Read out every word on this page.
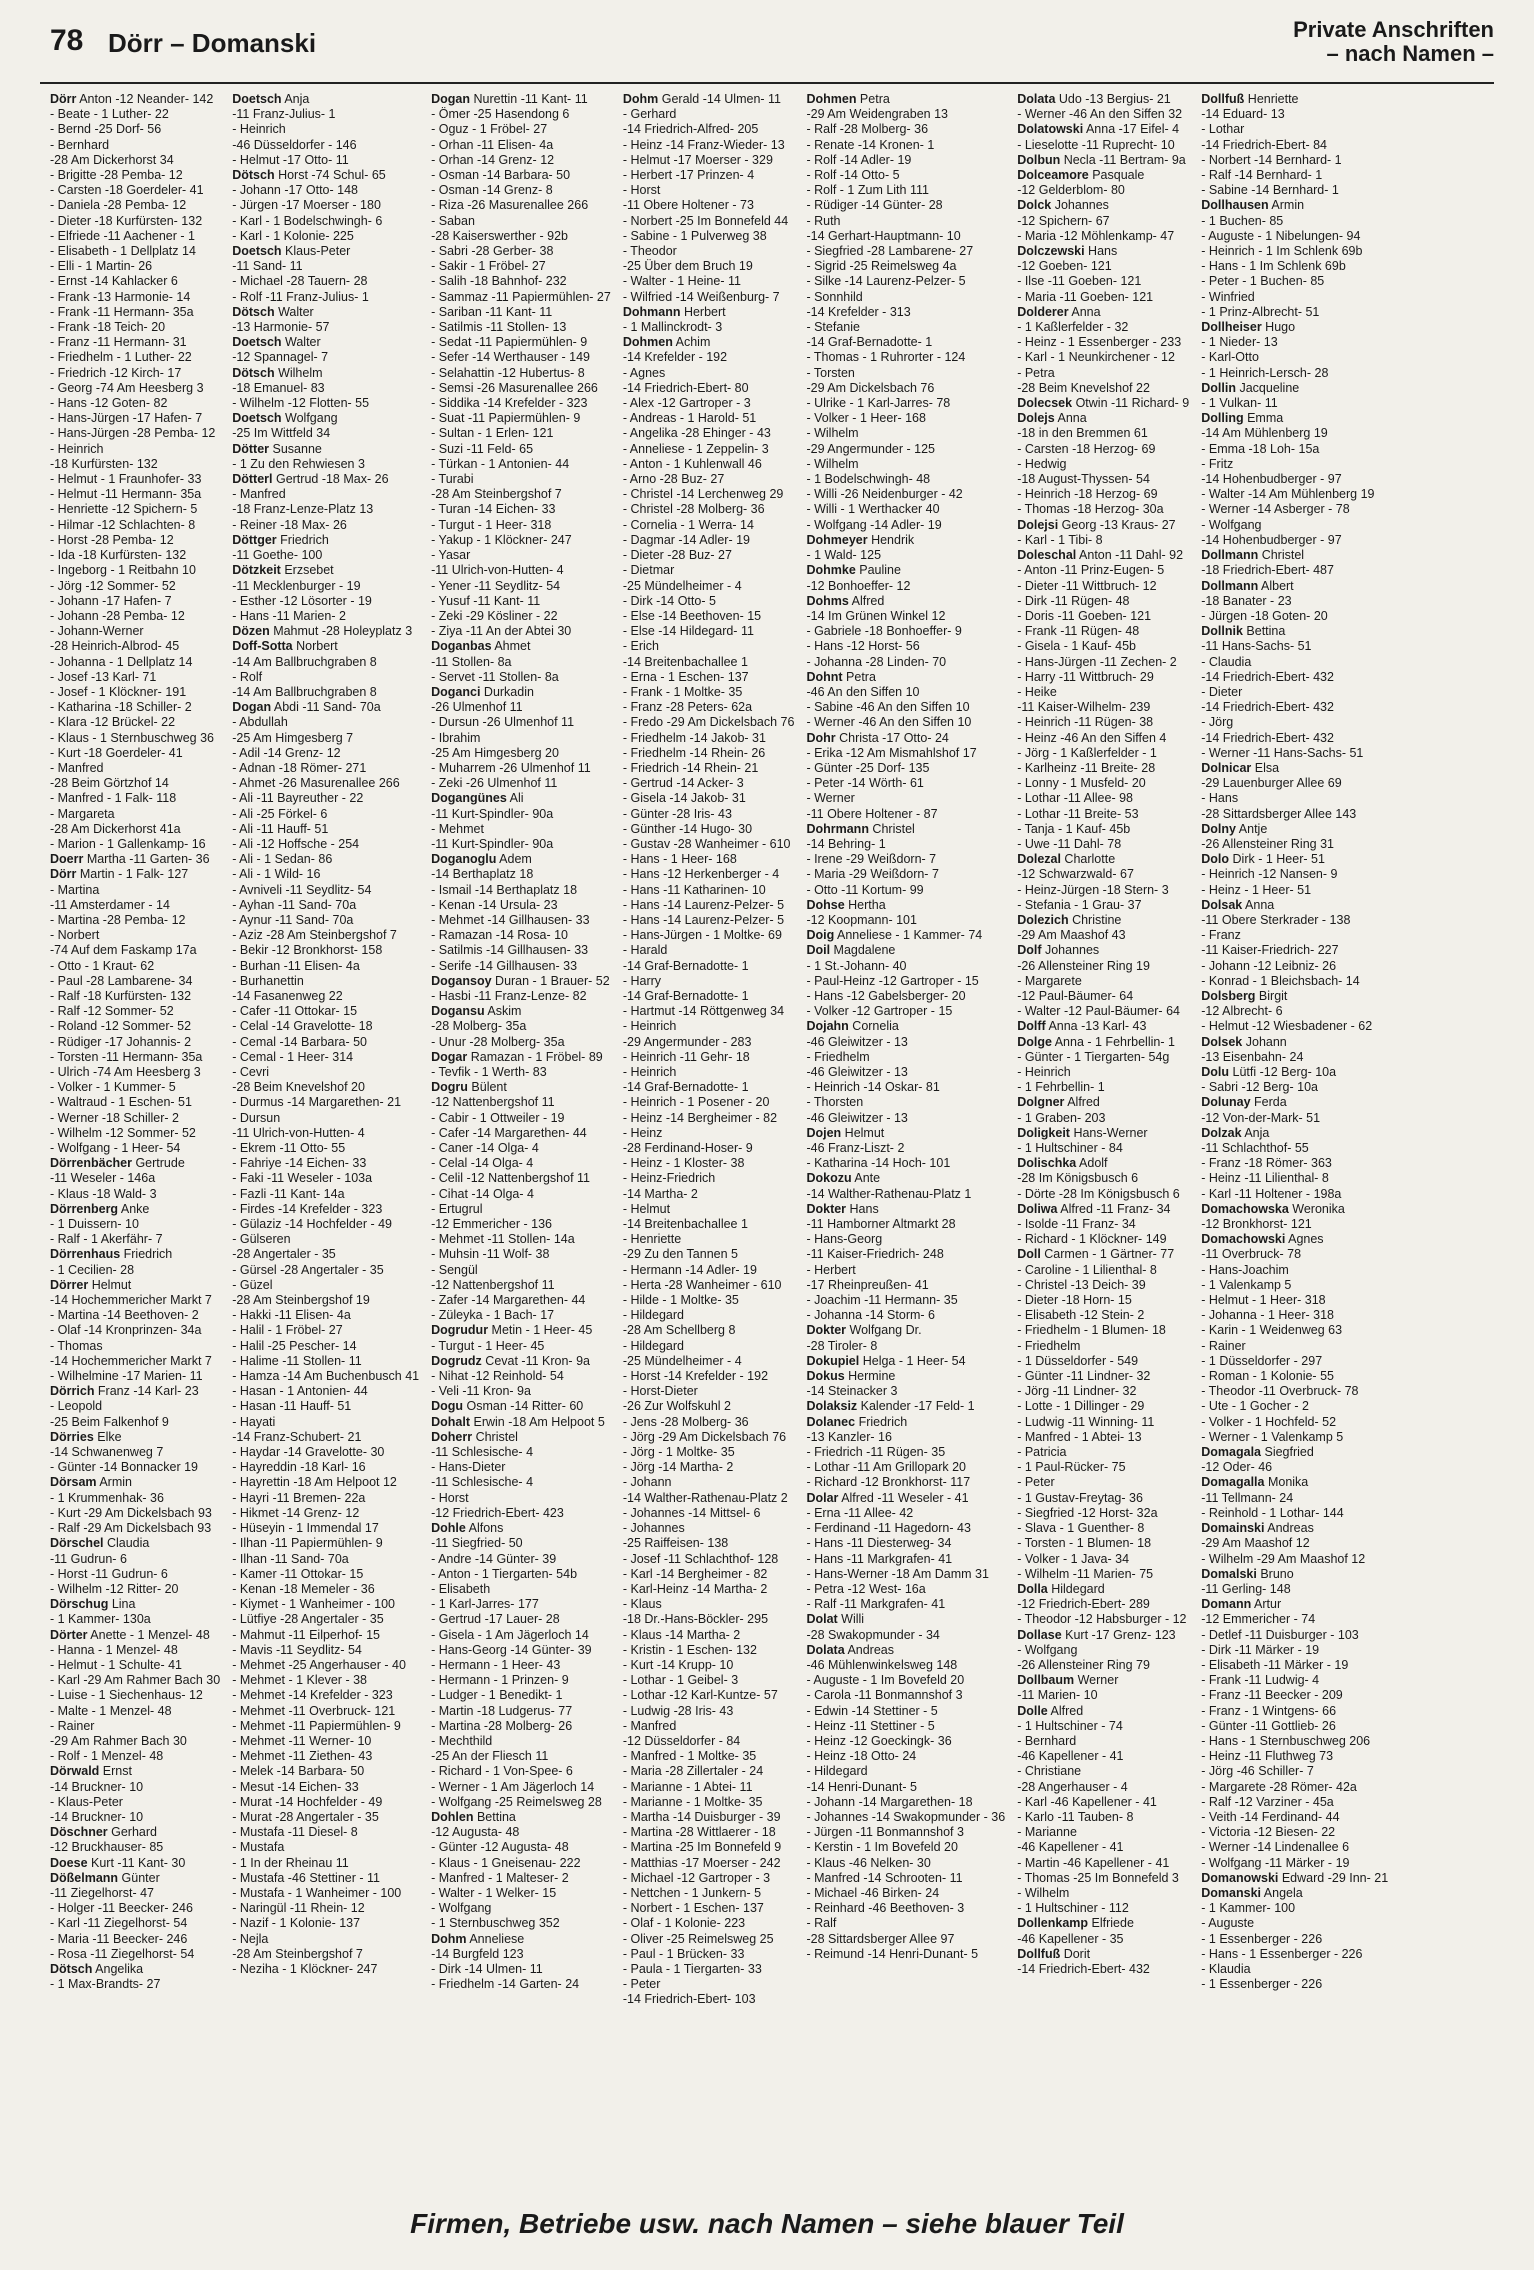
78 Dörr – Domanski	Private Anschriften
– nach Namen –
Dörr Anton -12 Neander- 142
- Beate - 1 Luther- 22
- Bernd -25 Dorf- 56
- Bernhard
-28 Am Dickerhorst 34
- Brigitte -28 Pemba- 12
- Carsten -18 Goerdeler- 41
- Daniela -28 Pemba- 12
- Dieter -18 Kurfürsten- 132
- Elfriede -11 Aachener - 1
- Elisabeth - 1 Dellplatz 14
- Elli - 1 Martin- 26
- Ernst -14 Kahlacker 6
- Frank -13 Harmonie- 14
- Frank -11 Hermann- 35a
- Frank -18 Teich- 20
- Franz -11 Hermann- 31
- Friedhelm - 1 Luther- 22
- Friedrich -12 Kirch- 17
- Georg -74 Am Heesberg 3
- Hans -12 Goten- 82
- Hans-Jürgen -17 Hafen- 7
- Hans-Jürgen -28 Pemba- 12
- Heinrich
-18 Kurfürsten- 132
- Helmut - 1 Fraunhofer- 33
- Helmut -11 Hermann- 35a
- Henriette -12 Spichern- 5
- Hilmar -12 Schlachten- 8
- Horst -28 Pemba- 12
- Ida -18 Kurfürsten- 132
- Ingeborg - 1 Reitbahn 10
- Jörg -12 Sommer- 52
- Johann -17 Hafen- 7
- Johann -28 Pemba- 12
- Johann-Werner
-28 Heinrich-Albrod- 45
- Johanna - 1 Dellplatz 14
- Josef -13 Karl- 71
- Josef - 1 Klöckner- 191
- Katharina -18 Schiller- 2
- Klara -12 Brückel- 22
- Klaus - 1 Sternbuschweg 36
- Kurt -18 Goerdeler- 41
- Manfred
-28 Beim Görtzhof 14
- Manfred - 1 Falk- 118
- Margareta
-28 Am Dickerhorst 41a
- Marion - 1 Gallenkamp- 16
Doerr Martha -11 Garten- 36
Dörr Martin - 1 Falk- 127
- Martina
-11 Amsterdamer - 14
- Martina -28 Pemba- 12
- Norbert
-74 Auf dem Faskamp 17a
- Otto - 1 Kraut- 62
- Paul -28 Lambarene- 34
- Ralf -18 Kurfürsten- 132
- Ralf -12 Sommer- 52
- Roland -12 Sommer- 52
- Rüdiger -17 Johannis- 2
- Torsten -11 Hermann- 35a
- Ulrich -74 Am Heesberg 3
- Volker - 1 Kummer- 5
- Waltraud - 1 Eschen- 51
- Werner -18 Schiller- 2
- Wilhelm -12 Sommer- 52
- Wolfgang - 1 Heer- 54
Dörrenbächer Gertrude
-11 Weseler - 146a
- Klaus -18 Wald- 3
Dörrenberg Anke
- 1 Duissern- 10
- Ralf - 1 Akerfähr- 7
Dörrenhaus Friedrich
- 1 Cecilien- 28
Dörrer Helmut
-14 Hochemmericher Markt 7
- Martina -14 Beethoven- 2
- Olaf -14 Kronprinzen- 34a
- Thomas
-14 Hochemmericher Markt 7
- Wilhelmine -17 Marien- 11
Dörrich Franz -14 Karl- 23
- Leopold
-25 Beim Falkenhof 9
Dörries Elke
-14 Schwanenweg 7
- Günter -14 Bonnacker 19
Dörsam Armin
- 1 Krummenhak- 36
- Kurt -29 Am Dickelsbach 93
- Ralf -29 Am Dickelsbach 93
Dörschel Claudia
-11 Gudrun- 6
- Horst -11 Gudrun- 6
- Wilhelm -12 Ritter- 20
Dörschug Lina
- 1 Kammer- 130a
Dörter Anette - 1 Menzel- 48
- Hanna - 1 Menzel- 48
- Helmut - 1 Schulte- 41
- Karl -29 Am Rahmer Bach 30
- Luise - 1 Siechenhaus- 12
- Malte - 1 Menzel- 48
- Rainer
-29 Am Rahmer Bach 30
- Rolf - 1 Menzel- 48
Dörwald Ernst
-14 Bruckner- 10
- Klaus-Peter
-14 Bruckner- 10
Döschner Gerhard
-12 Bruckhauser- 85
Doese Kurt -11 Kant- 30
Dößelmann Günter
-11 Ziegelhorst- 47
- Holger -11 Beecker- 246
- Karl -11 Ziegelhorst- 54
- Maria -11 Beecker- 246
- Rosa -11 Ziegelhorst- 54
Dötsch Angelika
- 1 Max-Brandts- 27
Doetsch Anja
-11 Franz-Julius- 1
- Heinrich
-46 Düsseldorfer - 146
- Helmut -17 Otto- 11
Dötsch Horst -74 Schul- 65
- Johann -17 Otto- 148
- Jürgen -17 Moerser - 180
- Karl - 1 Bodelschwingh- 6
- Karl - 1 Kolonie- 225
Doetsch Klaus-Peter
-11 Sand- 11
- Michael -28 Tauern- 28
- Rolf -11 Franz-Julius- 1
Dötsch Walter
-13 Harmonie- 57
Doetsch Walter
-12 Spannagel- 7
Dötsch Wilhelm
-18 Emanuel- 83
- Wilhelm -12 Flotten- 55
Doetsch Wolfgang
-25 Im Wittfeld 34
Dötter Susanne
- 1 Zu den Rehwiesen 3
Dötterl Gertrud -18 Max- 26
- Manfred
-18 Franz-Lenze-Platz 13
- Reiner -18 Max- 26
Döttger Friedrich
-11 Goethe- 100
Dötzkeit Erzsebet
-11 Mecklenburger - 19
- Esther -12 Lösorter - 19
- Hans -11 Marien- 2
Dözen Mahmut -28 Holeyplatz 3
Doff-Sotta Norbert
-14 Am Ballbruchgraben 8
- Rolf
-14 Am Ballbruchgraben 8
Dogan Abdi -11 Sand- 70a
- Abdullah
-25 Am Himgesberg 7
- Adil -14 Grenz- 12
- Adnan -18 Römer- 271
- Ahmet -26 Masurenallee 266
- Ali -11 Bayreuther - 22
- Ali -25 Förkel- 6
- Ali -11 Hauff- 51
- Ali -12 Hoffsche - 254
- Ali - 1 Sedan- 86
- Ali - 1 Wild- 16
- Avniveli -11 Seydlitz- 54
- Ayhan -11 Sand- 70a
- Aynur -11 Sand- 70a
- Aziz -28 Am Steinbergshof 7
- Bekir -12 Bronkhorst- 158
- Burhan -11 Elisen- 4a
- Burhanettin
-14 Fasanenweg 22
- Cafer -11 Ottokar- 15
- Celal -14 Gravelotte- 18
- Cemal -14 Barbara- 50
- Cemal - 1 Heer- 314
- Cevri
-28 Beim Knevelshof 20
- Durmus -14 Margarethen- 21
- Dursun
-11 Ulrich-von-Hutten- 4
- Ekrem -11 Otto- 55
- Fahriye -14 Eichen- 33
- Faki -11 Weseler - 103a
- Fazli -11 Kant- 14a
- Firdes -14 Krefelder - 323
- Gülaziz -14 Hochfelder - 49
- Gülseren
-28 Angertaler - 35
- Gürsel -28 Angertaler - 35
- Güzel
-28 Am Steinbergshof 19
- Hakki -11 Elisen- 4a
- Halil - 1 Fröbel- 27
- Halil -25 Pescher- 14
- Halime -11 Stollen- 11
- Hamza -14 Am Buchenbusch 41
- Hasan - 1 Antonien- 44
- Hasan -11 Hauff- 51
- Hayati
-14 Franz-Schubert- 21
- Haydar -14 Gravelotte- 30
- Hayreddin -18 Karl- 16
- Hayrettin -18 Am Helpoot 12
- Hayri -11 Bremen- 22a
- Hikmet -14 Grenz- 12
- Hüseyin - 1 Immendal 17
- Ilhan -11 Papiermühlen- 9
- Ilhan -11 Sand- 70a
- Kamer -11 Ottokar- 15
- Kenan -18 Memeler - 36
- Kiymet - 1 Wanheimer - 100
- Lütfiye -28 Angertaler - 35
- Mahmut -11 Eilperhof- 15
- Mavis -11 Seydlitz- 54
- Mehmet -25 Angerhauser - 40
- Mehmet - 1 Klever - 38
- Mehmet -14 Krefelder - 323
- Mehmet -11 Overbruck- 121
- Mehmet -11 Papiermühlen- 9
- Mehmet -11 Werner- 10
- Mehmet -11 Ziethen- 43
- Melek -14 Barbara- 50
- Mesut -14 Eichen- 33
- Murat -14 Hochfelder - 49
- Murat -28 Angertaler - 35
- Mustafa -11 Diesel- 8
- Mustafa
- 1 In der Rheinau 11
- Mustafa -46 Stettiner - 11
- Mustafa - 1 Wanheimer - 100
- Naringül -11 Rhein- 12
- Nazif - 1 Kolonie- 137
- Nejla
-28 Am Steinbergshof 7
- Neziha - 1 Klöckner- 247
Dogan Nurettin -11 Kant- 11
- Ömer -25 Hasendong 6
- Oguz - 1 Fröbel- 27
- Orhan -11 Elisen- 4a
- Orhan -14 Grenz- 12
- Osman -14 Barbara- 50
- Osman -14 Grenz- 8
- Riza -26 Masurenallee 266
- Saban
-28 Kaiserswerther - 92b
- Sabri -28 Gerber- 38
- Sakir - 1 Fröbel- 27
- Salih -18 Bahnhof- 232
- Sammaz -11 Papiermühlen- 27
- Sariban -11 Kant- 11
- Satilmis -11 Stollen- 13
- Sedat -11 Papiermühlen- 9
- Sefer -14 Werthauser - 149
- Selahattin -12 Hubertus- 8
- Semsi -26 Masurenallee 266
- Siddika -14 Krefelder - 323
- Suat -11 Papiermühlen- 9
- Sultan - 1 Erlen- 121
- Suzi -11 Feld- 65
- Türkan - 1 Antonien- 44
- Turabi
-28 Am Steinbergshof 7
- Turan -14 Eichen- 33
- Turgut - 1 Heer- 318
- Yakup - 1 Klöckner- 247
- Yasar
-11 Ulrich-von-Hutten- 4
- Yener -11 Seydlitz- 54
- Yusuf -11 Kant- 11
- Zeki -29 Kösliner - 22
- Ziya -11 An der Abtei 30
Doganbas Ahmet
-11 Stollen- 8a
- Servet -11 Stollen- 8a
Doganci Durkadin
-26 Ulmenhof 11
- Dursun -26 Ulmenhof 11
- Ibrahim
-25 Am Himgesberg 20
- Muharrem -26 Ulmenhof 11
- Zeki -26 Ulmenhof 11
Dogangünes Ali
-11 Kurt-Spindler- 90a
- Mehmet
-11 Kurt-Spindler- 90a
Doganoglu Adem
-14 Berthaplatz 18
- Ismail -14 Berthaplatz 18
- Kenan -14 Ursula- 23
- Mehmet -14 Gillhausen- 33
- Ramazan -14 Rosa- 10
- Satilmis -14 Gillhausen- 33
- Serife -14 Gillhausen- 33
Dogansoy Duran - 1 Brauer- 52
- Hasbi -11 Franz-Lenze- 82
Dogansu Askim
-28 Molberg- 35a
- Unur -28 Molberg- 35a
Dogar Ramazan - 1 Fröbel- 89
- Tevfik - 1 Werth- 83
Dogru Bülent
-12 Nattenbergshof 11
- Cabir - 1 Ottweiler - 19
- Cafer -14 Margarethen- 44
- Caner -14 Olga- 4
- Celal -14 Olga- 4
- Celil -12 Nattenbergshof 11
- Cihat -14 Olga- 4
- Ertugrul
-12 Emmericher - 136
- Mehmet -11 Stollen- 14a
- Muhsin -11 Wolf- 38
- Sengül
-12 Nattenbergshof 11
- Zafer -14 Margarethen- 44
- Züleyka - 1 Bach- 17
Dogrudur Metin - 1 Heer- 45
- Turgut - 1 Heer- 45
Dogrudz Cevat -11 Kron- 9a
- Nihat -12 Reinhold- 54
- Veli -11 Kron- 9a
Dogu Osman -14 Ritter- 60
Dohalt Erwin -18 Am Helpoot 5
Doherr Christel
-11 Schlesische- 4
- Hans-Dieter
-11 Schlesische- 4
- Horst
-12 Friedrich-Ebert- 423
Dohle Alfons
-11 Siegfried- 50
- Andre -14 Günter- 39
- Anton - 1 Tiergarten- 54b
- Elisabeth
- 1 Karl-Jarres- 177
- Gertrud -17 Lauer- 28
- Gisela - 1 Am Jägerloch 14
- Hans-Georg -14 Günter- 39
- Hermann - 1 Heer- 43
- Hermann - 1 Prinzen- 9
- Ludger - 1 Benedikt- 1
- Martin -18 Ludgerus- 77
- Martina -28 Molberg- 26
- Mechthild
-25 An der Fliesch 11
- Richard - 1 Von-Spee- 6
- Werner - 1 Am Jägerloch 14
- Wolfgang -25 Reimelsweg 28
Dohlen Bettina
-12 Augusta- 48
- Günter -12 Augusta- 48
- Klaus - 1 Gneisenau- 222
- Manfred - 1 Malteser- 2
- Walter - 1 Welker- 15
- Wolfgang
- 1 Sternbuschweg 352
Dohm Anneliese
-14 Burgfeld 123
- Dirk -14 Ulmen- 11
- Friedhelm -14 Garten- 24
Dohm Gerald -14 Ulmen- 11
- Gerhard
-14 Friedrich-Alfred- 205
- Heinz -14 Franz-Wieder- 13
- Helmut -17 Moerser - 329
- Herbert -17 Prinzen- 4
- Horst
-11 Obere Holtener - 73
- Norbert -25 Im Bonnefeld 44
- Sabine - 1 Pulverweg 38
- Theodor
-25 Über dem Bruch 19
- Walter - 1 Heine- 11
- Wilfried -14 Weißenburg- 7
Dohmann Herbert
- 1 Mallinckrodt- 3
Dohmen Achim
-14 Krefelder - 192
- Agnes
-14 Friedrich-Ebert- 80
- Alex -12 Gartroper - 3
- Andreas - 1 Harold- 51
- Angelika -28 Ehinger - 43
- Anneliese - 1 Zeppelin- 3
- Anton - 1 Kuhlenwall 46
- Arno -28 Buz- 27
- Christel -14 Lerchenweg 29
- Christel -28 Molberg- 36
- Cornelia - 1 Werra- 14
- Dagmar -14 Adler- 19
- Dieter -28 Buz- 27
- Dietmar
-25 Mündelheimer - 4
- Dirk -14 Otto- 5
- Else -14 Beethoven- 15
- Else -14 Hildegard- 11
- Erich
-14 Breitenbachallee 1
- Erna - 1 Eschen- 137
- Frank - 1 Moltke- 35
- Franz -28 Peters- 62a
- Fredo -29 Am Dickelsbach 76
- Friedhelm -14 Jakob- 31
- Friedhelm -14 Rhein- 26
- Friedrich -14 Rhein- 21
- Gertrud -14 Acker- 3
- Gisela -14 Jakob- 31
- Günter -28 Iris- 43
- Günther -14 Hugo- 30
- Gustav -28 Wanheimer - 610
- Hans - 1 Heer- 168
- Hans -12 Herkenberger - 4
- Hans -11 Katharinen- 10
- Hans -14 Laurenz-Pelzer- 5
- Hans -14 Laurenz-Pelzer- 5
- Hans-Jürgen - 1 Moltke- 69
- Harald
-14 Graf-Bernadotte- 1
- Harry
-14 Graf-Bernadotte- 1
- Hartmut -14 Röttgenweg 34
- Heinrich
-29 Angermunder - 283
- Heinrich -11 Gehr- 18
- Heinrich
-14 Graf-Bernadotte- 1
- Heinrich - 1 Posener - 20
- Heinz -14 Bergheimer - 82
- Heinz
-28 Ferdinand-Hoser- 9
- Heinz - 1 Kloster- 38
- Heinz-Friedrich
-14 Martha- 2
- Helmut
-14 Breitenbachallee 1
- Henriette
-29 Zu den Tannen 5
- Hermann -14 Adler- 19
- Herta -28 Wanheimer - 610
- Hilde - 1 Moltke- 35
- Hildegard
-28 Am Schellberg 8
- Hildegard
-25 Mündelheimer - 4
- Horst -14 Krefelder - 192
- Horst-Dieter
-26 Zur Wolfskuhl 2
- Jens -28 Molberg- 36
- Jörg -29 Am Dickelsbach 76
- Jörg - 1 Moltke- 35
- Jörg -14 Martha- 2
- Johann
-14 Walther-Rathenau-Platz 2
- Johannes -14 Mittsel- 6
- Johannes
-25 Raiffeisen- 138
- Josef -11 Schlachthof- 128
- Karl -14 Bergheimer - 82
- Karl-Heinz -14 Martha- 2
- Klaus
-18 Dr.-Hans-Böckler- 295
- Klaus -14 Martha- 2
- Kristin - 1 Eschen- 132
- Kurt -14 Krupp- 10
- Lothar - 1 Geibel- 3
- Lothar -12 Karl-Kuntze- 57
- Ludwig -28 Iris- 43
- Manfred
-12 Düsseldorfer - 84
- Manfred - 1 Moltke- 35
- Maria -28 Zillertaler - 24
- Marianne - 1 Abtei- 11
- Marianne - 1 Moltke- 35
- Martha -14 Duisburger - 39
- Martina -28 Wittlaerer - 18
- Martina -25 Im Bonnefeld 9
- Matthias -17 Moerser - 242
- Michael -12 Gartroper - 3
- Nettchen - 1 Junkern- 5
- Norbert - 1 Eschen- 137
- Olaf - 1 Kolonie- 223
- Oliver -25 Reimelsweg 25
- Paul - 1 Brücken- 33
- Paula - 1 Tiergarten- 33
- Peter
-14 Friedrich-Ebert- 103
Dohmen Petra
-29 Am Weidengraben 13
- Ralf -28 Molberg- 36
- Renate -14 Kronen- 1
- Rolf -14 Adler- 19
- Rolf -14 Otto- 5
- Rolf - 1 Zum Lith 111
- Rüdiger -14 Günter- 28
- Ruth
-14 Gerhart-Hauptmann- 10
- Siegfried -28 Lambarene- 27
- Sigrid -25 Reimelsweg 4a
- Silke -14 Laurenz-Pelzer- 5
- Sonnhild
-14 Krefelder - 313
- Stefanie
-14 Graf-Bernadotte- 1
- Thomas - 1 Ruhrorter - 124
- Torsten
-29 Am Dickelsbach 76
- Ulrike - 1 Karl-Jarres- 78
- Volker - 1 Heer- 168
- Wilhelm
-29 Angermunder - 125
- Wilhelm
- 1 Bodelschwingh- 48
- Willi -26 Neidenburger - 42
- Willi - 1 Werthacker 40
- Wolfgang -14 Adler- 19
Dohmeyer Hendrik
- 1 Wald- 125
Dohmke Pauline
-12 Bonhoeffer- 12
Dohms Alfred
-14 Im Grünen Winkel 12
- Gabriele -18 Bonhoeffer- 9
- Hans -12 Horst- 56
- Johanna -28 Linden- 70
Dohnt Petra
-46 An den Siffen 10
- Sabine -46 An den Siffen 10
- Werner -46 An den Siffen 10
Dohr Christa -17 Otto- 24
- Erika -12 Am Mismahlshof 17
- Günter -25 Dorf- 135
- Peter -14 Wörth- 61
- Werner
-11 Obere Holtener - 87
Dohrmann Christel
-14 Behring- 1
- Irene -29 Weißdorn- 7
- Maria -29 Weißdorn- 7
- Otto -11 Kortum- 99
Dohse Hertha
-12 Koopmann- 101
Doig Anneliese - 1 Kammer- 74
Doil Magdalene
- 1 St.-Johann- 40
- Paul-Heinz -12 Gartroper - 15
- Hans -12 Gabelsberger- 20
- Volker -12 Gartroper - 15
Dojahn Cornelia
-46 Gleiwitzer - 13
- Friedhelm
-46 Gleiwitzer - 13
- Heinrich -14 Oskar- 81
- Thorsten
-46 Gleiwitzer - 13
Dojen Helmut
-46 Franz-Liszt- 2
- Katharina -14 Hoch- 101
Dokozu Ante
-14 Walther-Rathenau-Platz 1
Dokter Hans
-11 Hamborner Altmarkt 28
- Hans-Georg
-11 Kaiser-Friedrich- 248
- Herbert
-17 Rheinpreußen- 41
- Joachim -11 Hermann- 35
- Johanna -14 Storm- 6
Dokter Wolfgang Dr.
-28 Tiroler- 8
Dokupiel Helga - 1 Heer- 54
Dokus Hermine
-14 Steinacker 3
Dolaksiz Kalender -17 Feld- 1
Dolanec Friedrich
-13 Kanzler- 16
- Friedrich -11 Rügen- 35
- Lothar -11 Am Grillopark 20
- Richard -12 Bronkhorst- 117
Dolar Alfred -11 Weseler - 41
- Erna -11 Allee- 42
- Ferdinand -11 Hagedorn- 43
- Hans -11 Diesterweg- 34
- Hans -11 Markgrafen- 41
- Hans-Werner -18 Am Damm 31
- Petra -12 West- 16a
- Ralf -11 Markgrafen- 41
Dolat Willi
-28 Swakopmunder - 34
Dolata Andreas
-46 Mühlenwinkelsweg 148
- Auguste - 1 Im Bovefeld 20
- Carola -11 Bonmannshof 3
- Edwin -14 Stettiner - 5
- Heinz -11 Stettiner - 5
- Heinz -12 Goeckingk- 36
- Heinz -18 Otto- 24
- Hildegard
-14 Henri-Dunant- 5
- Johann -14 Margarethen- 18
- Johannes -14 Swakopmunder - 36
- Jürgen -11 Bonmannshof 3
- Kerstin - 1 Im Bovefeld 20
- Klaus -46 Nelken- 30
- Manfred -14 Schrooten- 11
- Michael -46 Birken- 24
- Reinhard -46 Beethoven- 3
- Ralf
-28 Sittardsberger Allee 97
- Reimund -14 Henri-Dunant- 5
Dolata Udo -13 Bergius- 21
- Werner -46 An den Siffen 32
Dolatowski Anna -17 Eifel- 4
- Lieselotte -11 Ruprecht- 10
Dolbun Necla -11 Bertram- 9a
Dolceamore Pasquale
-12 Gelderblom- 80
Dolck Johannes
-12 Spichern- 67
- Maria -12 Möhlenkamp- 47
Dolczewski Hans
-12 Goeben- 121
- Ilse -11 Goeben- 121
- Maria -11 Goeben- 121
Dolderer Anna
- 1 Kaßlerfelder - 32
- Heinz - 1 Essenberger - 233
- Karl - 1 Neunkirchener - 12
- Petra
-28 Beim Knevelshof 22
Dolecsek Otwin -11 Richard- 9
Dolejs Anna
-18 in den Bremmen 61
- Carsten -18 Herzog- 69
- Hedwig
-18 August-Thyssen- 54
- Heinrich -18 Herzog- 69
- Thomas -18 Herzog- 30a
Dolejsi Georg -13 Kraus- 27
- Karl - 1 Tibi- 8
Doleschal Anton -11 Dahl- 92
- Anton -11 Prinz-Eugen- 5
- Dieter -11 Wittbruch- 12
- Dirk -11 Rügen- 48
- Doris -11 Goeben- 121
- Frank -11 Rügen- 48
- Gisela - 1 Kauf- 45b
- Hans-Jürgen -11 Zechen- 2
- Harry -11 Wittbruch- 29
- Heike
-11 Kaiser-Wilhelm- 239
- Heinrich -11 Rügen- 38
- Heinz -46 An den Siffen 4
- Jörg - 1 Kaßlerfelder - 1
- Karlheinz -11 Breite- 28
- Lonny - 1 Musfeld- 20
- Lothar -11 Allee- 98
- Lothar -11 Breite- 53
- Tanja - 1 Kauf- 45b
- Uwe -11 Dahl- 78
Dolezal Charlotte
-12 Schwarzwald- 67
- Heinz-Jürgen -18 Stern- 3
- Stefania - 1 Grau- 37
Dolezich Christine
-29 Am Maashof 43
Dolf Johannes
-26 Allensteiner Ring 19
- Margarete
-12 Paul-Bäumer- 64
- Walter -12 Paul-Bäumer- 64
Dolff Anna -13 Karl- 43
Dolge Anna - 1 Fehrbellin- 1
- Günter - 1 Tiergarten- 54g
- Heinrich
- 1 Fehrbellin- 1
Dolgner Alfred
- 1 Graben- 203
Doligkeit Hans-Werner
- 1 Hultschiner - 84
Dolischka Adolf
-28 Im Königsbusch 6
- Dörte -28 Im Königsbusch 6
Doliwa Alfred -11 Franz- 34
- Isolde -11 Franz- 34
- Richard - 1 Klöckner- 149
Doll Carmen - 1 Gärtner- 77
- Caroline - 1 Lilienthal- 8
- Christel -13 Deich- 39
- Dieter -18 Horn- 15
- Elisabeth -12 Stein- 2
- Friedhelm - 1 Blumen- 18
- Friedhelm
- 1 Düsseldorfer - 549
- Günter -11 Lindner- 32
- Jörg -11 Lindner- 32
- Lotte - 1 Dillinger - 29
- Ludwig -11 Winning- 11
- Manfred - 1 Abtei- 13
- Patricia
- 1 Paul-Rücker- 75
- Peter
- 1 Gustav-Freytag- 36
- Siegfried -12 Horst- 32a
- Slava - 1 Guenther- 8
- Torsten - 1 Blumen- 18
- Volker - 1 Java- 34
- Wilhelm -11 Marien- 75
Dolla Hildegard
-12 Friedrich-Ebert- 289
- Theodor -12 Habsburger - 12
Dollase Kurt -17 Grenz- 123
- Wolfgang
-26 Allensteiner Ring 79
Dollbaum Werner
-11 Marien- 10
Dolle Alfred
- 1 Hultschiner - 74
- Bernhard
-46 Kapellener - 41
- Christiane
-28 Angerhauser - 4
- Karl -46 Kapellener - 41
- Karlo -11 Tauben- 8
- Marianne
-46 Kapellener - 41
- Martin -46 Kapellener - 41
- Thomas -25 Im Bonnefeld 3
- Wilhelm
- 1 Hultschiner - 112
Dollenkamp Elfriede
-46 Kapellener - 35
Dollfuß Dorit
-14 Friedrich-Ebert- 432
Dollfuß Henriette
-14 Eduard- 13
- Lothar
-14 Friedrich-Ebert- 84
- Norbert -14 Bernhard- 1
- Ralf -14 Bernhard- 1
- Sabine -14 Bernhard- 1
Dollhausen Armin
- 1 Buchen- 85
- Auguste - 1 Nibelungen- 94
- Heinrich - 1 Im Schlenk 69b
- Hans - 1 Im Schlenk 69b
- Peter - 1 Buchen- 85
- Winfried
- 1 Prinz-Albrecht- 51
Dollheiser Hugo
- 1 Nieder- 13
- Karl-Otto
- 1 Heinrich-Lersch- 28
Dollin Jacqueline
- 1 Vulkan- 11
Dolling Emma
-14 Am Mühlenberg 19
- Emma -18 Loh- 15a
- Fritz
-14 Hohenbudberger - 97
- Walter -14 Am Mühlenberg 19
- Werner -14 Asberger - 78
- Wolfgang
-14 Hohenbudberger - 97
Dollmann Christel
-18 Friedrich-Ebert- 487
Dollmann Albert
-18 Banater - 23
- Jürgen -18 Goten- 20
Dollnik Bettina
-11 Hans-Sachs- 51
- Claudia
-14 Friedrich-Ebert- 432
- Dieter
-14 Friedrich-Ebert- 432
- Jörg
-14 Friedrich-Ebert- 432
- Werner -11 Hans-Sachs- 51
Dolnicar Elsa
-29 Lauenburger Allee 69
- Hans
-28 Sittardsberger Allee 143
Dolny Antje
-26 Allensteiner Ring 31
Dolo Dirk - 1 Heer- 51
- Heinrich -12 Nansen- 9
- Heinz - 1 Heer- 51
Dolsak Anna
-11 Obere Sterkrader - 138
- Franz
-11 Kaiser-Friedrich- 227
- Johann -12 Leibniz- 26
- Konrad - 1 Bleichsbach- 14
Dolsberg Birgit
-12 Albrecht- 6
- Helmut -12 Wiesbadener - 62
Dolsek Johann
-13 Eisenbahn- 24
Dolu Lütfi -12 Berg- 10a
- Sabri -12 Berg- 10a
Dolunay Ferda
-12 Von-der-Mark- 51
Dolzak Anja
-11 Schlachthof- 55
- Franz -18 Römer- 363
- Heinz -11 Lilienthal- 8
- Karl -11 Holtener - 198a
Domachowska Weronika
-12 Bronkhorst- 121
Domachowski Agnes
-11 Overbruck- 78
- Hans-Joachim
- 1 Valenkamp 5
- Helmut - 1 Heer- 318
- Johanna - 1 Heer- 318
- Karin - 1 Weidenweg 63
- Rainer
- 1 Düsseldorfer - 297
- Roman - 1 Kolonie- 55
- Theodor -11 Overbruck- 78
- Ute - 1 Gocher - 2
- Volker - 1 Hochfeld- 52
- Werner - 1 Valenkamp 5
Domagala Siegfried
-12 Oder- 46
Domagalla Monika
-11 Tellmann- 24
- Reinhold - 1 Lothar- 144
Domainski Andreas
-29 Am Maashof 12
- Wilhelm -29 Am Maashof 12
Domalski Bruno
-11 Gerling- 148
Domann Artur
-12 Emmericher - 74
- Detlef -11 Duisburger - 103
- Dirk -11 Märker - 19
- Elisabeth -11 Märker - 19
- Frank -11 Ludwig- 4
- Franz -11 Beecker - 209
- Franz - 1 Wintgens- 66
- Günter -11 Gottlieb- 26
- Hans - 1 Sternbuschweg 206
- Heinz -11 Fluthweg 73
- Jörg -46 Schiller- 7
- Margarete -28 Römer- 42a
- Ralf -12 Varziner - 45a
- Veith -14 Ferdinand- 44
- Victoria -12 Biesen- 22
- Werner -14 Lindenallee 6
- Wolfgang -11 Märker - 19
Domanowski Edward -29 Inn- 21
Domanski Angela
- 1 Kammer- 100
- Auguste
- 1 Essenberger - 226
- Hans - 1 Essenberger - 226
- Klaudia
- 1 Essenberger - 226
Firmen, Betriebe usw. nach Namen – siehe blauer Teil
